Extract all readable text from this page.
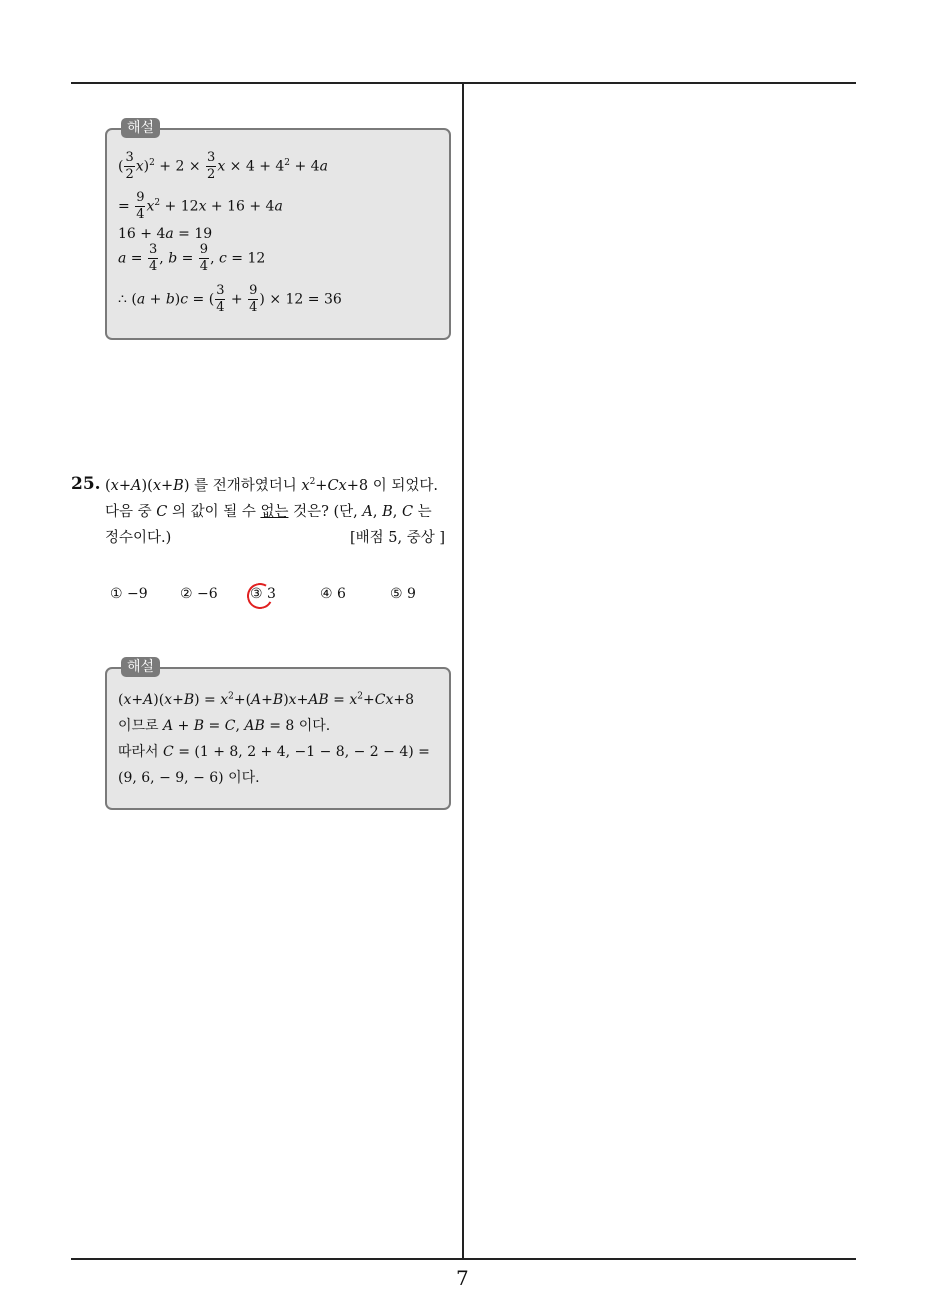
해설
( $\frac{3}{2} x)^2 + 2 \times \frac{3}{2}$ $x \times 4 + 4^2 + 4a$
= $\frac{9}{4} x^2 + 12x + 16 + 4a$
16 + 4a = 19
$a = \frac{3}{4}$ , $b = \frac{9}{4}$ , c = 12
∴ (a + b)c = ( $\frac{3}{4} + \frac{9}{4}$ ) × 12 = 36
25. (x+A)(x+B) 를 전개하였더니 $x^2+Cx+8$ 이 되었다.
다음 중 C 의 값이 될 수 없는 것은? (단, A, B, C 는
정수이다.)	[배점 5, 중상 ]
① −9 ② −6 ③ 3	④ 6	⑤ 9
해설
$(x+A)(x+B) = x^2+(A+B)x+AB = x^2+Cx+8$
이므로 A + B = C, AB = 8 이다.
따라서 C = (1 + 8, 2 + 4, −1 − 8, − 2 − 4) =
(9, 6, − 9, − 6) 이다.
7
